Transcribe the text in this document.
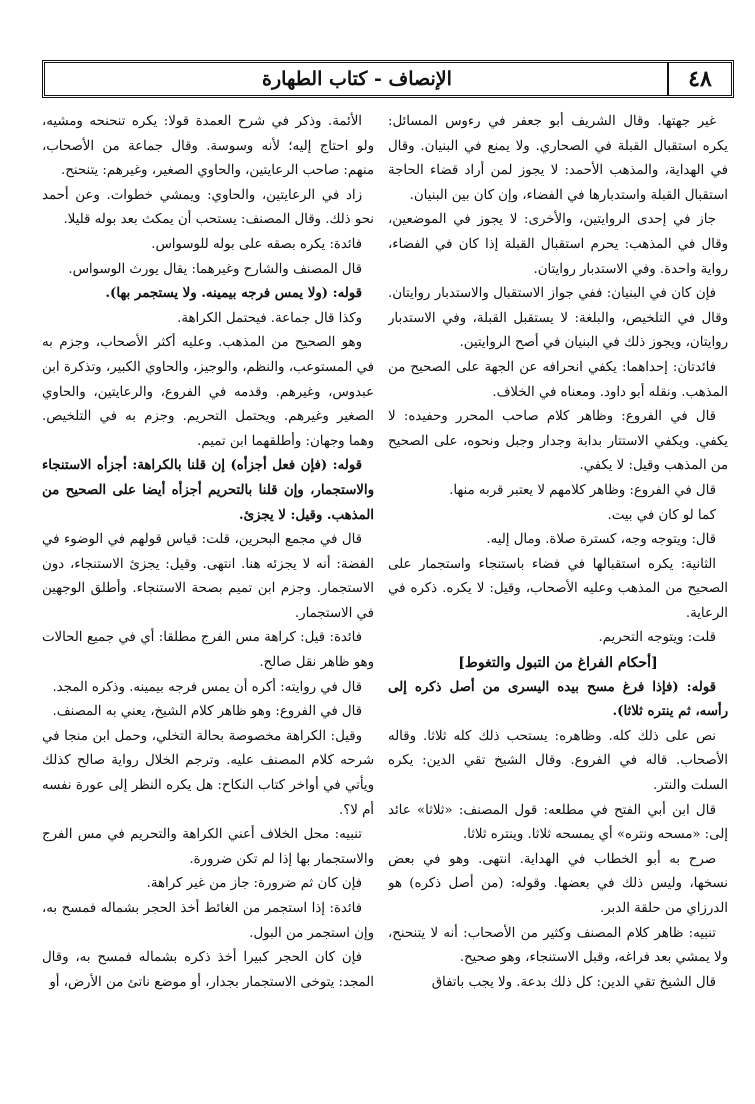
٤٨
الإنصاف - كتاب الطهارة

غير جهتها. وقال الشريف أبو جعفر في رءوس المسائل: يكره استقبال القبلة في الصحاري. ولا يمنع في البنيان. وقال في الهداية، والمذهب الأحمد: لا يجوز لمن أراد قضاء الحاجة استقبال القبلة واستدبارها في الفضاء، وإن كان بين البنيان.

جاز في إحدى الروايتين، والأخرى: لا يجوز في الموضعين، وقال في المذهب: يحرم استقبال القبلة إذا كان في الفضاء، رواية واحدة. وفي الاستدبار روايتان.

فإن كان في البنيان: ففي جواز الاستقبال والاستدبار روايتان. وقال في التلخيص، والبلغة: لا يستقبل القبلة، وفي الاستدبار روايتان، ويجوز ذلك في البنيان في أصح الروايتين.

فائدتان: إحداهما: يكفي انحرافه عن الجهة على الصحيح من المذهب. ونقله أبو داود. ومعناه في الخلاف.

قال في الفروع: وظاهر كلام صاحب المحرر وحفيده: لا يكفي. ويكفي الاستتار بدابة وجدار وجبل ونحوه، على الصحيح من المذهب وقيل: لا يكفي.

قال في الفروع: وظاهر كلامهم لا يعتبر قربه منها.

كما لو كان في بيت.

قال: ويتوجه وجه، كسترة صلاة. ومال إليه.

الثانية: يكره استقبالها في فضاء باستنجاء واستجمار على الصحيح من المذهب وعليه الأصحاب، وقيل: لا يكره. ذكره في الرعاية.

قلت: ويتوجه التحريم.

[أحكام الفراغ من التبول والتغوط]

قوله: (فإذا فرغ مسح بيده اليسرى من أصل ذكره إلى رأسه، ثم ينتره ثلاثا).

نص على ذلك كله. وظاهره: يستحب ذلك كله ثلاثا. وقاله الأصحاب. قاله في الفروع. وقال الشيخ تقي الدين: يكره السلت والنتر.

قال ابن أبي الفتح في مطلعه: قول المصنف: «ثلاثا» عائد إلى: «مسحه ونتره» أي يمسحه ثلاثا. وينتره ثلاثا.

صرح به أبو الخطاب في الهداية. انتهى. وهو في بعض نسخها، وليس ذلك في بعضها. وقوله: (من أصل ذكره) هو الدرزاي من حلقة الدبر.

تنبيه: ظاهر كلام المصنف وكثير من الأصحاب: أنه لا يتنحنح، ولا يمشي بعد فراغه، وقبل الاستنجاء، وهو صحيح.

قال الشيخ تقي الدين: كل ذلك بدعة. ولا يجب باتفاق

الأئمة. وذكر في شرح العمدة قولا: يكره تنحنحه ومشيه، ولو احتاج إليه؛ لأنه وسوسة. وقال جماعة من الأصحاب، منهم: صاحب الرعايتين، والحاوي الصغير، وغيرهم: يتنحنح.

زاد في الرعايتين، والحاوي: ويمشي خطوات. وعن أحمد نحو ذلك. وقال المصنف: يستحب أن يمكث بعد بوله قليلا.

فائدة: يكره بصقه على بوله للوسواس.

قال المصنف والشارح وغيرهما: يقال يورث الوسواس.

قوله: (ولا يمس فرجه بيمينه. ولا يستجمر بها).

وكذا قال جماعة. فيحتمل الكراهة.

وهو الصحيح من المذهب. وعليه أكثر الأصحاب، وجزم به في المستوعب، والنظم، والوجيز، والحاوي الكبير، وتذكرة ابن عبدوس، وغيرهم. وقدمه في الفروع، والرعايتين، والحاوي الصغير وغيرهم. ويحتمل التحريم. وجزم به في التلخيص. وهما وجهان: وأطلقهما ابن تميم.

قوله: (فإن فعل أجزأه) إن قلنا بالكراهة: أجزأه الاستنجاء والاستجمار، وإن قلنا بالتحريم أجزأه أيضا على الصحيح من المذهب. وقيل: لا يجزئ.

قال في مجمع البحرين، قلت: قياس قولهم في الوضوء في الفضة: أنه لا يجزئه هنا. انتهى. وقيل: يجزئ الاستنجاء، دون الاستجمار. وجزم ابن تميم بصحة الاستنجاء. وأطلق الوجهين في الاستجمار.

فائدة: قيل: كراهة مس الفرج مطلقا: أي في جميع الحالات وهو ظاهر نقل صالح.

قال في روايته: أكره أن يمس فرجه بيمينه. وذكره المجد.

قال في الفروع: وهو ظاهر كلام الشيخ، يعني به المصنف.

وقيل: الكراهة مخصوصة بحالة التخلي، وحمل ابن منجا في شرحه كلام المصنف عليه. وترجم الخلال رواية صالح كذلك ويأتي في أواخر كتاب النكاح: هل يكره النظر إلى عورة نفسه أم لا؟.

تنبيه: محل الخلاف أعني الكراهة والتحريم في مس الفرج والاستجمار بها إذا لم تكن ضرورة.

فإن كان ثم ضرورة: جاز من غير كراهة.

فائدة: إذا استجمر من الغائط أخذ الحجر بشماله فمسح به، وإن استجمر من البول.

فإن كان الحجر كبيرا أخذ ذكره بشماله فمسح به، وقال المجد: يتوخى الاستجمار بجدار، أو موضع ناتئ من الأرض، أو
